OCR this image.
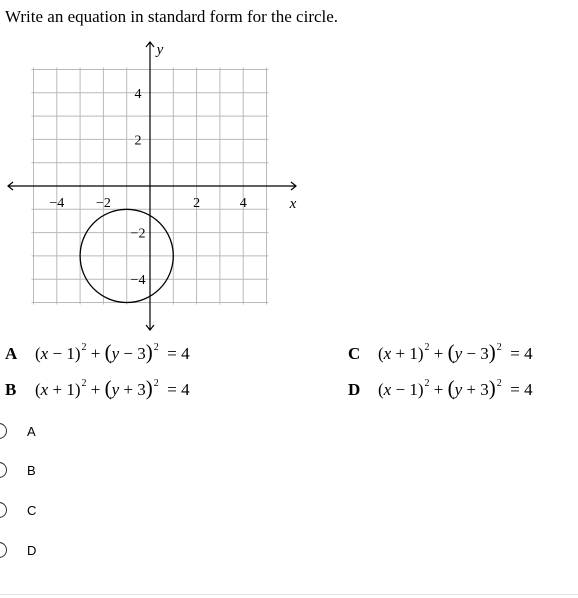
Write an equation in standard form for the circle.
−4 −2	2	4
4
2
−2
−4
x
y
A	$(x - 1)^2 + (y - 3)^2 = 4$
B	$(x + 1)^2 + (y + 3)^2 = 4$
C	$(x + 1)^2 + (y - 3)^2 = 4$
D	$(x - 1)^2 + (y + 3)^2 = 4$
A
B
C
D
